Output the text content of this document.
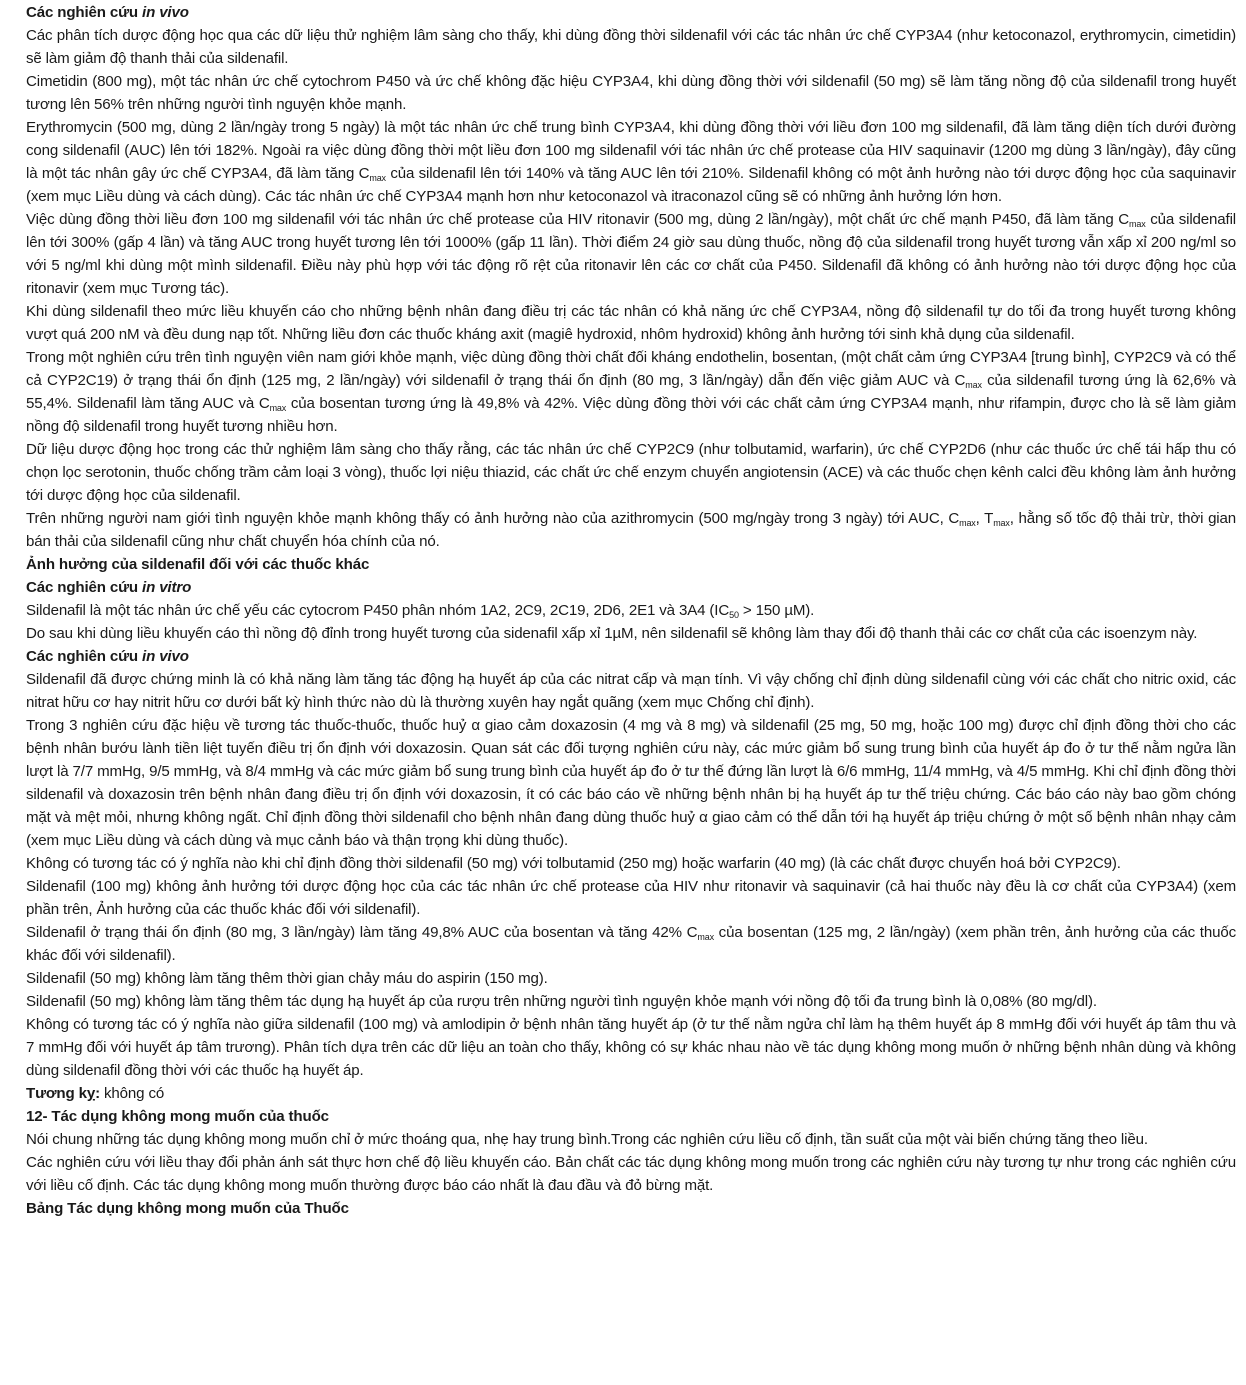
Các nghiên cứu in vivo
Các phân tích dược động học qua các dữ liệu thử nghiệm lâm sàng cho thấy, khi dùng đồng thời sildenafil với các tác nhân ức chế CYP3A4 (như ketoconazol, erythromycin, cimetidin) sẽ làm giảm độ thanh thải của sildenafil.
Cimetidin (800 mg), một tác nhân ức chế cytochrom P450 và ức chế không đặc hiệu CYP3A4, khi dùng đồng thời với sildenafil (50 mg) sẽ làm tăng nồng độ của sildenafil trong huyết tương lên 56% trên những người tình nguyện khỏe mạnh.
Erythromycin (500 mg, dùng 2 lần/ngày trong 5 ngày) là một tác nhân ức chế trung bình CYP3A4, khi dùng đồng thời với liều đơn 100 mg sildenafil, đã làm tăng diện tích dưới đường cong sildenafil (AUC) lên tới 182%. Ngoài ra việc dùng đồng thời một liều đơn 100 mg sildenafil với tác nhân ức chế protease của HIV saquinavir (1200 mg dùng 3 lần/ngày), đây cũng là một tác nhân gây ức chế CYP3A4, đã làm tăng $C_{max}$ của sildenafil lên tới 140% và tăng AUC lên tới 210%. Sildenafil không có một ảnh hưởng nào tới dược động học của saquinavir (xem mục Liều dùng và cách dùng). Các tác nhân ức chế CYP3A4 mạnh hơn như ketoconazol và itraconazol cũng sẽ có những ảnh hưởng lớn hơn.
Việc dùng đồng thời liều đơn 100 mg sildenafil với tác nhân ức chế protease của HIV ritonavir (500 mg, dùng 2 lần/ngày), một chất ức chế mạnh P450, đã làm tăng $C_{max}$ của sildenafil lên tới 300% (gấp 4 lần) và tăng AUC trong huyết tương lên tới 1000% (gấp 11 lần). Thời điểm 24 giờ sau dùng thuốc, nồng độ của sildenafil trong huyết tương vẫn xấp xỉ 200 ng/ml so với 5 ng/ml khi dùng một mình sildenafil. Điều này phù hợp với tác động rõ rệt của ritonavir lên các cơ chất của P450. Sildenafil đã không có ảnh hưởng nào tới dược động học của ritonavir (xem mục Tương tác).
Khi dùng sildenafil theo mức liều khuyến cáo cho những bệnh nhân đang điều trị các tác nhân có khả năng ức chế CYP3A4, nồng độ sildenafil tự do tối đa trong huyết tương không vượt quá 200 nM và đều dung nạp tốt. Những liều đơn các thuốc kháng axit (magiê hydroxid, nhôm hydroxid) không ảnh hưởng tới sinh khả dụng của sildenafil.
Trong một nghiên cứu trên tình nguyện viên nam giới khỏe mạnh, việc dùng đồng thời chất đối kháng endothelin, bosentan, (một chất cảm ứng CYP3A4 [trung bình], CYP2C9 và có thể cả CYP2C19) ở trạng thái ổn định (125 mg, 2 lần/ngày) với sildenafil ở trạng thái ổn định (80 mg, 3 lần/ngày) dẫn đến việc giảm AUC và $C_{max}$ của sildenafil tương ứng là 62,6% và 55,4%. Sildenafil làm tăng AUC và $C_{max}$ của bosentan tương ứng là 49,8% và 42%. Việc dùng đồng thời với các chất cảm ứng CYP3A4 mạnh, như rifampin, được cho là sẽ làm giảm nồng độ sildenafil trong huyết tương nhiều hơn.
Dữ liệu dược động học trong các thử nghiệm lâm sàng cho thấy rằng, các tác nhân ức chế CYP2C9 (như tolbutamid, warfarin), ức chế CYP2D6 (như các thuốc ức chế tái hấp thu có chọn lọc serotonin, thuốc chống trầm cảm loại 3 vòng), thuốc lợi niệu thiazid, các chất ức chế enzym chuyển angiotensin (ACE) và các thuốc chẹn kênh calci đều không làm ảnh hưởng tới dược động học của sildenafil.
Trên những người nam giới tình nguyện khỏe mạnh không thấy có ảnh hưởng nào của azithromycin (500 mg/ngày trong 3 ngày) tới AUC, $C_{max}$, $T_{max}$, hằng số tốc độ thải trừ, thời gian bán thải của sildenafil cũng như chất chuyển hóa chính của nó.
Ảnh hưởng của sildenafil đối với các thuốc khác
Các nghiên cứu in vitro
Sildenafil là một tác nhân ức chế yếu các cytocrom P450 phân nhóm 1A2, 2C9, 2C19, 2D6, 2E1 và 3A4 ($IC_{50} > 150$ µM).
Do sau khi dùng liều khuyến cáo thì nồng độ đỉnh trong huyết tương của sidenafil xấp xỉ 1µM, nên sildenafil sẽ không làm thay đổi độ thanh thải các cơ chất của các isoenzym này.
Các nghiên cứu in vivo
Sildenafil đã được chứng minh là có khả năng làm tăng tác động hạ huyết áp của các nitrat cấp và mạn tính. Vì vậy chống chỉ định dùng sildenafil cùng với các chất cho nitric oxid, các nitrat hữu cơ hay nitrit hữu cơ dưới bất kỳ hình thức nào dù là thường xuyên hay ngắt quãng (xem mục Chống chỉ định).
Trong 3 nghiên cứu đặc hiệu về tương tác thuốc-thuốc, thuốc huỷ α giao cảm doxazosin (4 mg và 8 mg) và sildenafil (25 mg, 50 mg, hoặc 100 mg) được chỉ định đồng thời cho các bệnh nhân bướu lành tiền liệt tuyến điều trị ổn định với doxazosin. Quan sát các đối tượng nghiên cứu này, các mức giảm bổ sung trung bình của huyết áp đo ở tư thế nằm ngửa lần lượt là 7/7 mmHg, 9/5 mmHg, và 8/4 mmHg và các mức giảm bổ sung trung bình của huyết áp đo ở tư thế đứng lần lượt là 6/6 mmHg, 11/4 mmHg, và 4/5 mmHg. Khi chỉ định đồng thời sildenafil và doxazosin trên bệnh nhân đang điều trị ổn định với doxazosin, ít có các báo cáo về những bệnh nhân bị hạ huyết áp tư thế triệu chứng. Các báo cáo này bao gồm chóng mặt và mệt mỏi, nhưng không ngất. Chỉ định đồng thời sildenafil cho bệnh nhân đang dùng thuốc huỷ α giao cảm có thể dẫn tới hạ huyết áp triệu chứng ở một số bệnh nhân nhạy cảm (xem mục Liều dùng và cách dùng và mục cảnh báo và thận trọng khi dùng thuốc).
Không có tương tác có ý nghĩa nào khi chỉ định đồng thời sildenafil (50 mg) với tolbutamid (250 mg) hoặc warfarin (40 mg) (là các chất được chuyển hoá bởi CYP2C9).
Sildenafil (100 mg) không ảnh hưởng tới dược động học của các tác nhân ức chế protease của HIV như ritonavir và saquinavir (cả hai thuốc này đều là cơ chất của CYP3A4) (xem phần trên, Ảnh hưởng của các thuốc khác đối với sildenafil).
Sildenafil ở trạng thái ổn định (80 mg, 3 lần/ngày) làm tăng 49,8% AUC của bosentan và tăng 42% $C_{max}$ của bosentan (125 mg, 2 lần/ngày) (xem phần trên, ảnh hưởng của các thuốc khác đối với sildenafil).
Sildenafil (50 mg) không làm tăng thêm thời gian chảy máu do aspirin (150 mg).
Sildenafil (50 mg) không làm tăng thêm tác dụng hạ huyết áp của rượu trên những người tình nguyện khỏe mạnh với nồng độ tối đa trung bình là 0,08% (80 mg/dl).
Không có tương tác có ý nghĩa nào giữa sildenafil (100 mg) và amlodipin ở bệnh nhân tăng huyết áp (ở tư thế nằm ngửa chỉ làm hạ thêm huyết áp 8 mmHg đối với huyết áp tâm thu và 7 mmHg đối với huyết áp tâm trương). Phân tích dựa trên các dữ liệu an toàn cho thấy, không có sự khác nhau nào về tác dụng không mong muốn ở những bệnh nhân dùng và không dùng sildenafil đồng thời với các thuốc hạ huyết áp.
Tương kỵ: không có
12- Tác dụng không mong muốn của thuốc
Nói chung những tác dụng không mong muốn chỉ ở mức thoáng qua, nhẹ hay trung bình.Trong các nghiên cứu liều cố định, tần suất của một vài biến chứng tăng theo liều.
Các nghiên cứu với liều thay đổi phản ánh sát thực hơn chế độ liều khuyến cáo. Bản chất các tác dụng không mong muốn trong các nghiên cứu này tương tự như trong các nghiên cứu với liều cố định. Các tác dụng không mong muốn thường được báo cáo nhất là đau đầu và đỏ bừng mặt.
Bảng Tác dụng không mong muốn của Thuốc
